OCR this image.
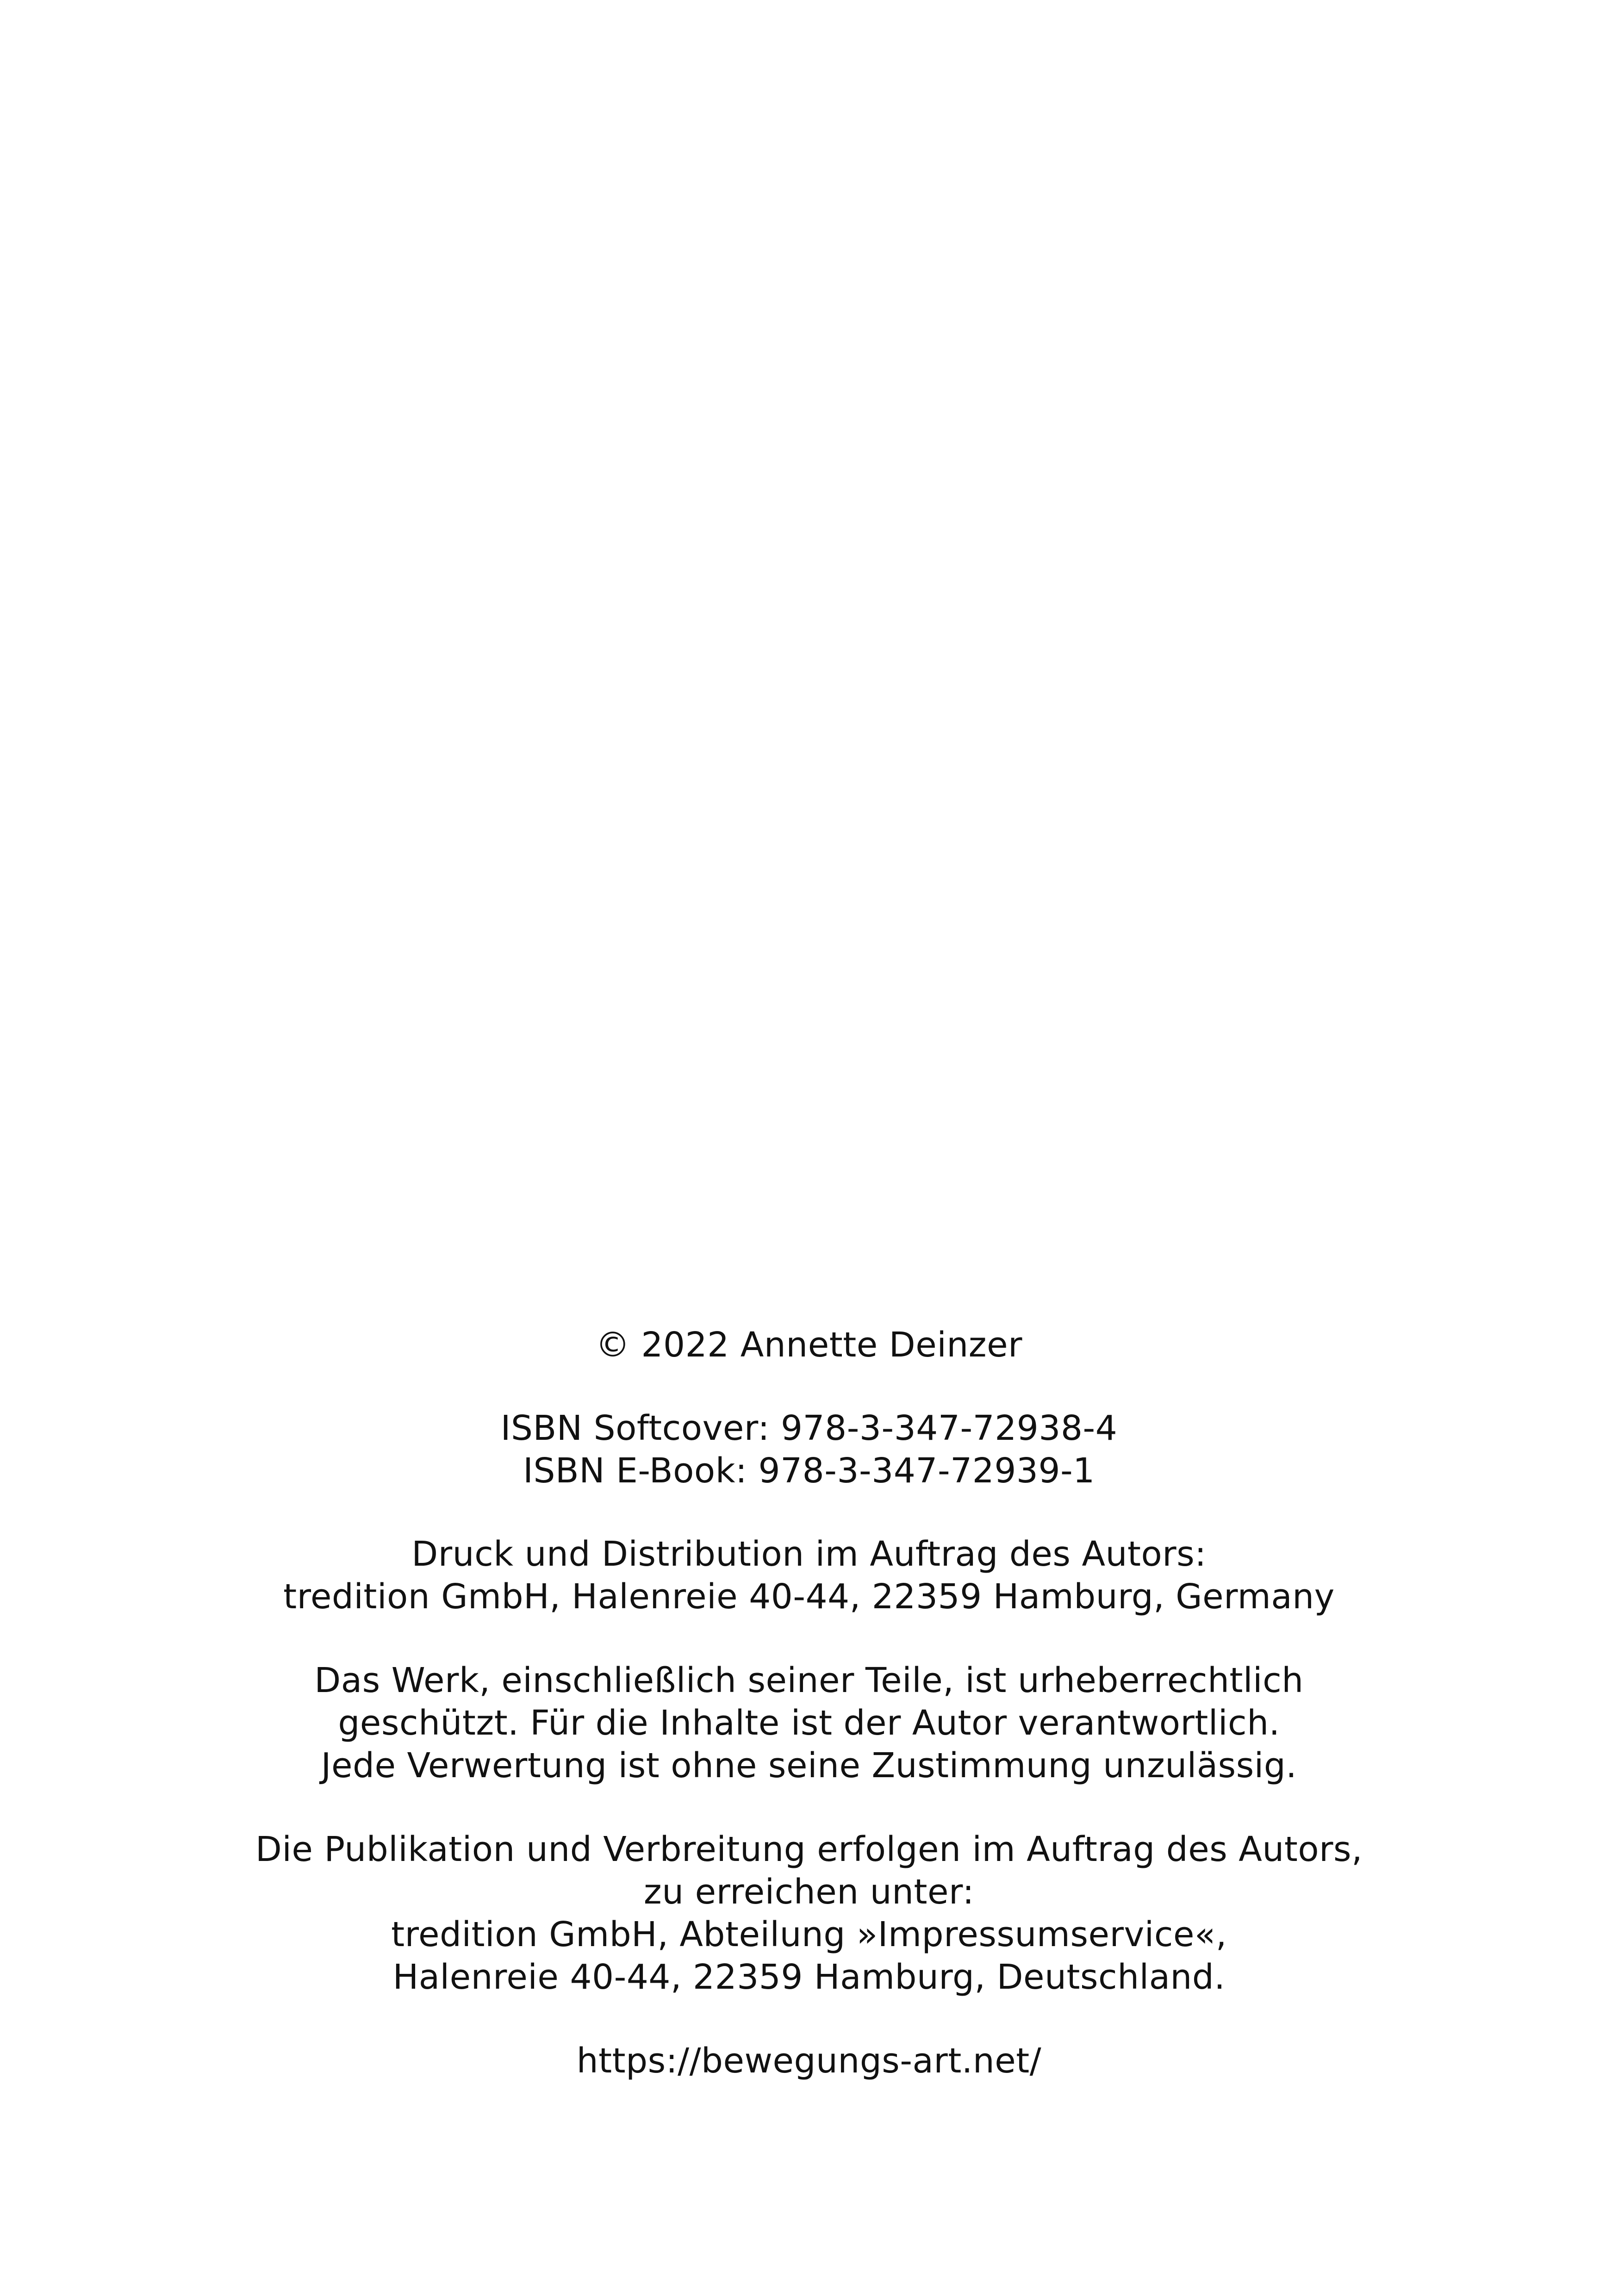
© 2022 Annette Deinzer
ISBN Softcover: 978-3-347-72938-4
ISBN E-Book: 978-3-347-72939-1
Druck und Distribution im Auftrag des Autors:
tredition GmbH, Halenreie 40-44, 22359 Hamburg, Germany
Das Werk, einschließlich seiner Teile, ist urheberrechtlich
geschützt. Für die Inhalte ist der Autor verantwortlich.
Jede Verwertung ist ohne seine Zustimmung unzulässig.
Die Publikation und Verbreitung erfolgen im Auftrag des Autors,
zu erreichen unter:
tredition GmbH, Abteilung »Impressumservice«,
Halenreie 40-44, 22359 Hamburg, Deutschland.
https://bewegungs-art.net/
